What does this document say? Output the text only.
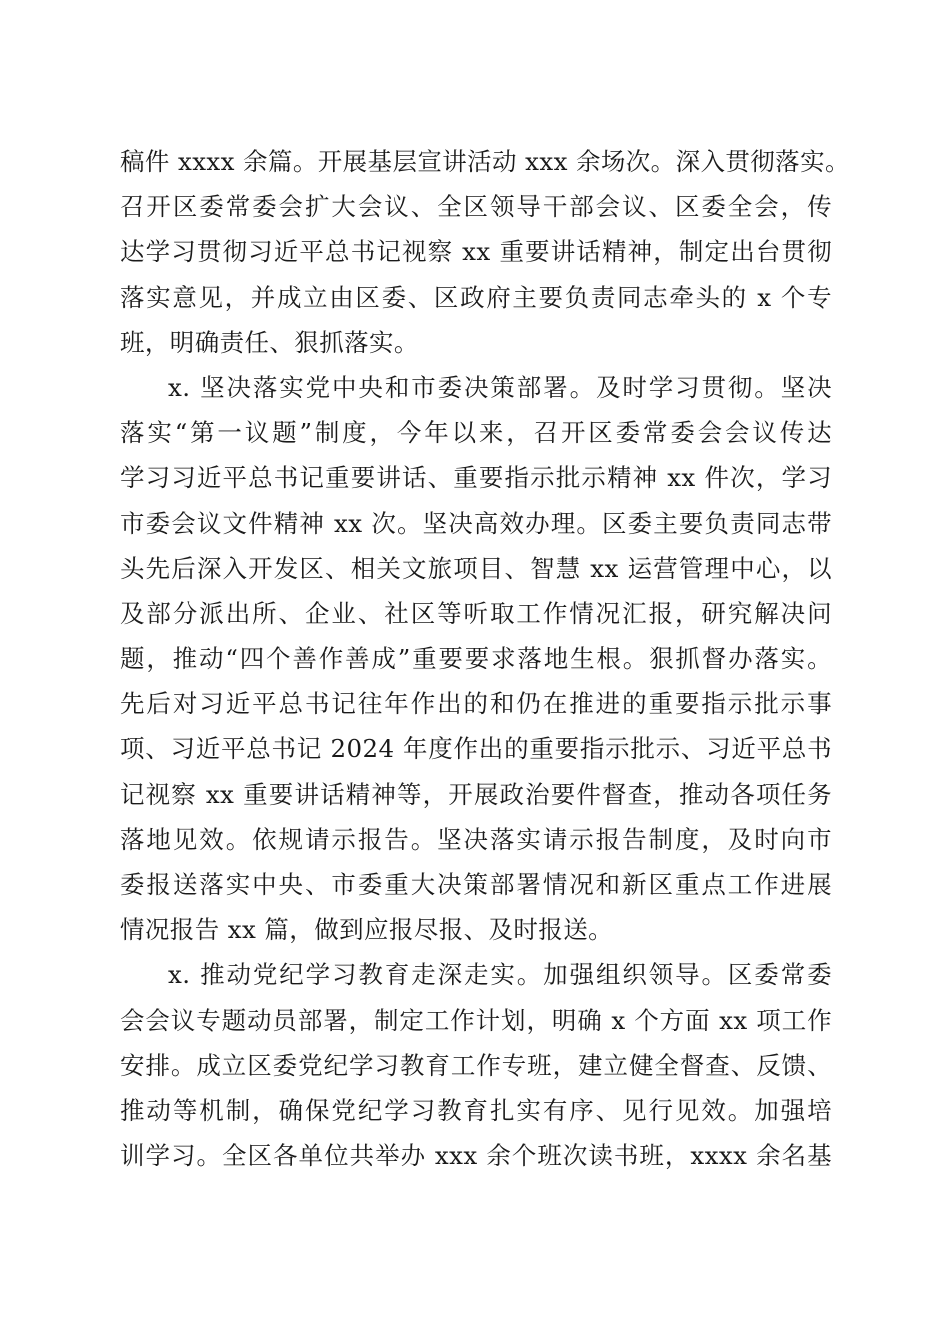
稿件 xxxx 余篇。开展基层宣讲活动 xxx 余场次。深入贯彻落实。
召开区委常委会扩大会议、全区领导干部会议、区委全会，传
达学习贯彻习近平总书记视察 xx 重要讲话精神，制定出台贯彻
落实意见，并成立由区委、区政府主要负责同志牵头的 x 个专
班，明确责任、狠抓落实。
x. 坚决落实党中央和市委决策部署。及时学习贯彻。坚决
落实“第一议题”制度，今年以来，召开区委常委会会议传达
学习习近平总书记重要讲话、重要指示批示精神 xx 件次，学习
市委会议文件精神 xx 次。坚决高效办理。区委主要负责同志带
头先后深入开发区、相关文旅项目、智慧 xx 运营管理中心，以
及部分派出所、企业、社区等听取工作情况汇报，研究解决问
题，推动“四个善作善成”重要要求落地生根。狠抓督办落实。
先后对习近平总书记往年作出的和仍在推进的重要指示批示事
项、习近平总书记 2024 年度作出的重要指示批示、习近平总书
记视察 xx 重要讲话精神等，开展政治要件督查，推动各项任务
落地见效。依规请示报告。坚决落实请示报告制度，及时向市
委报送落实中央、市委重大决策部署情况和新区重点工作进展
情况报告 xx 篇，做到应报尽报、及时报送。
x. 推动党纪学习教育走深走实。加强组织领导。区委常委
会会议专题动员部署，制定工作计划，明确 x 个方面 xx 项工作
安排。成立区委党纪学习教育工作专班，建立健全督查、反馈、
推动等机制，确保党纪学习教育扎实有序、见行见效。加强培
训学习。全区各单位共举办 xxx 余个班次读书班，xxxx 余名基
